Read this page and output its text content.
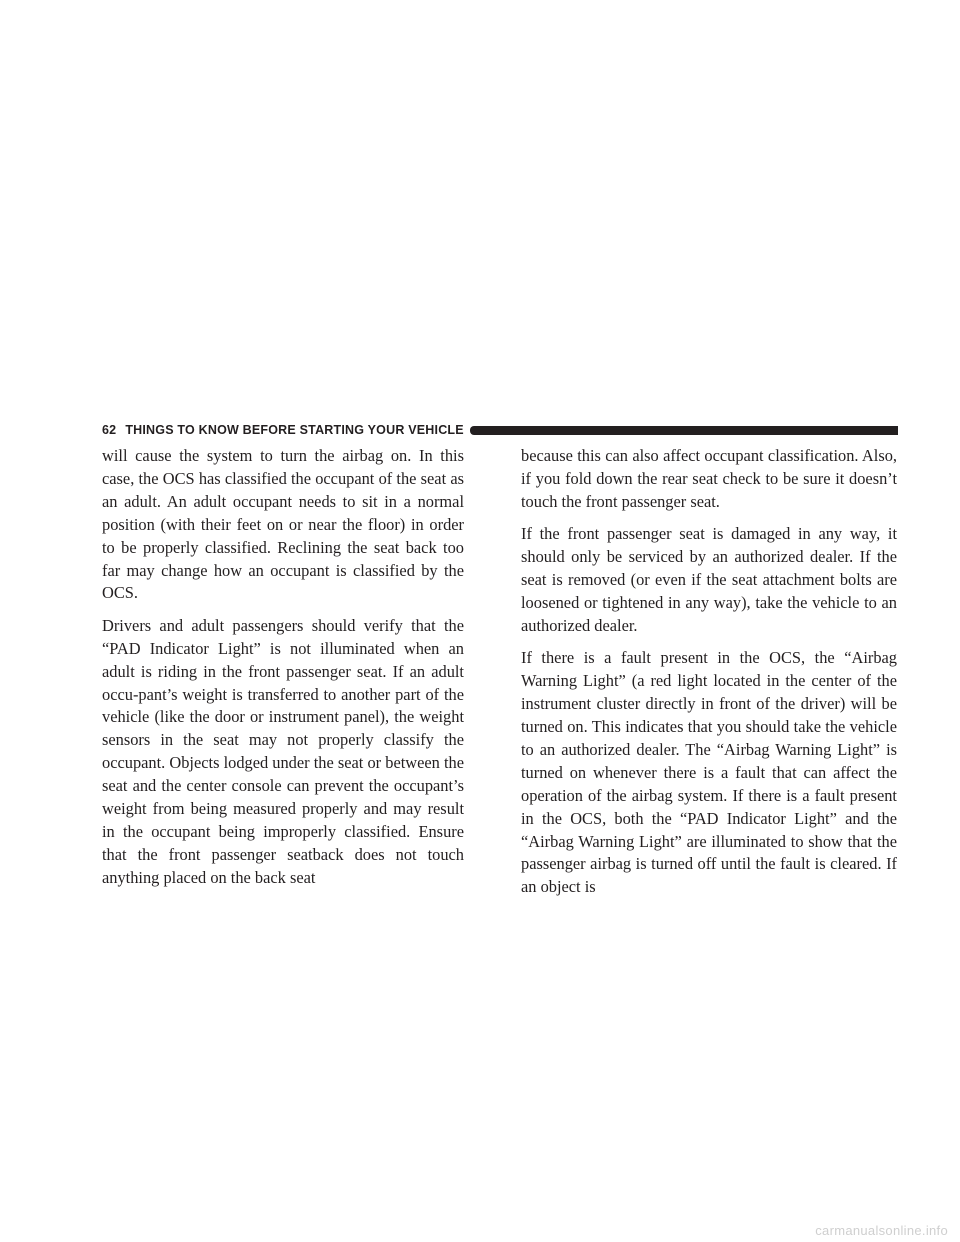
62 THINGS TO KNOW BEFORE STARTING YOUR VEHICLE

will cause the system to turn the airbag on. In this case, the OCS has classified the occupant of the seat as an adult. An adult occupant needs to sit in a normal position (with their feet on or near the floor) in order to be properly classified. Reclining the seat back too far may change how an occupant is classified by the OCS.

Drivers and adult passengers should verify that the “PAD Indicator Light” is not illuminated when an adult is riding in the front passenger seat. If an adult occu-pant’s weight is transferred to another part of the vehicle (like the door or instrument panel), the weight sensors in the seat may not properly classify the occupant. Objects lodged under the seat or between the seat and the center console can prevent the occupant’s weight from being measured properly and may result in the occupant being improperly classified. Ensure that the front passenger seatback does not touch anything placed on the back seat

because this can also affect occupant classification. Also, if you fold down the rear seat check to be sure it doesn’t touch the front passenger seat.

If the front passenger seat is damaged in any way, it should only be serviced by an authorized dealer. If the seat is removed (or even if the seat attachment bolts are loosened or tightened in any way), take the vehicle to an authorized dealer.

If there is a fault present in the OCS, the “Airbag Warning Light” (a red light located in the center of the instrument cluster directly in front of the driver) will be turned on. This indicates that you should take the vehicle to an authorized dealer. The “Airbag Warning Light” is turned on whenever there is a fault that can affect the operation of the airbag system. If there is a fault present in the OCS, both the “PAD Indicator Light” and the “Airbag Warning Light” are illuminated to show that the passenger airbag is turned off until the fault is cleared. If an object is

carmanualsonline.info
